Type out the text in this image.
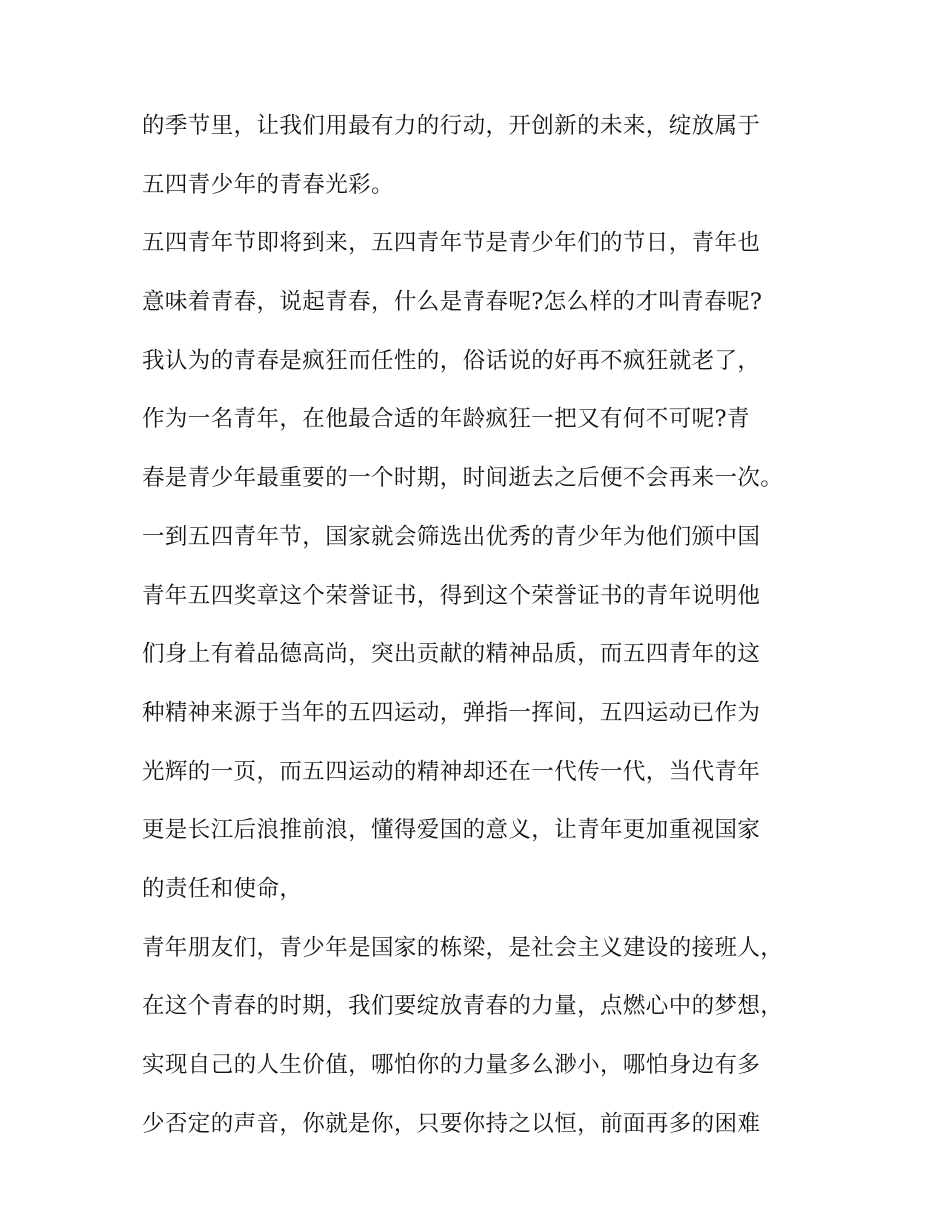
的季节里，让我们用最有力的行动，开创新的未来，绽放属于
五四青少年的青春光彩。
五四青年节即将到来，五四青年节是青少年们的节日，青年也
意味着青春，说起青春，什么是青春呢?怎么样的才叫青春呢?
我认为的青春是疯狂而任性的，俗话说的好再不疯狂就老了，
作为一名青年，在他最合适的年龄疯狂一把又有何不可呢?青
春是青少年最重要的一个时期，时间逝去之后便不会再来一次。
一到五四青年节，国家就会筛选出优秀的青少年为他们颁中国
青年五四奖章这个荣誉证书，得到这个荣誉证书的青年说明他
们身上有着品德高尚，突出贡献的精神品质，而五四青年的这
种精神来源于当年的五四运动，弹指一挥间，五四运动已作为
光辉的一页，而五四运动的精神却还在一代传一代，当代青年
更是长江后浪推前浪，懂得爱国的意义，让青年更加重视国家
的责任和使命，
青年朋友们，青少年是国家的栋梁，是社会主义建设的接班人，
在这个青春的时期，我们要绽放青春的力量，点燃心中的梦想，
实现自己的人生价值，哪怕你的力量多么渺小，哪怕身边有多
少否定的声音，你就是你，只要你持之以恒，前面再多的困难
